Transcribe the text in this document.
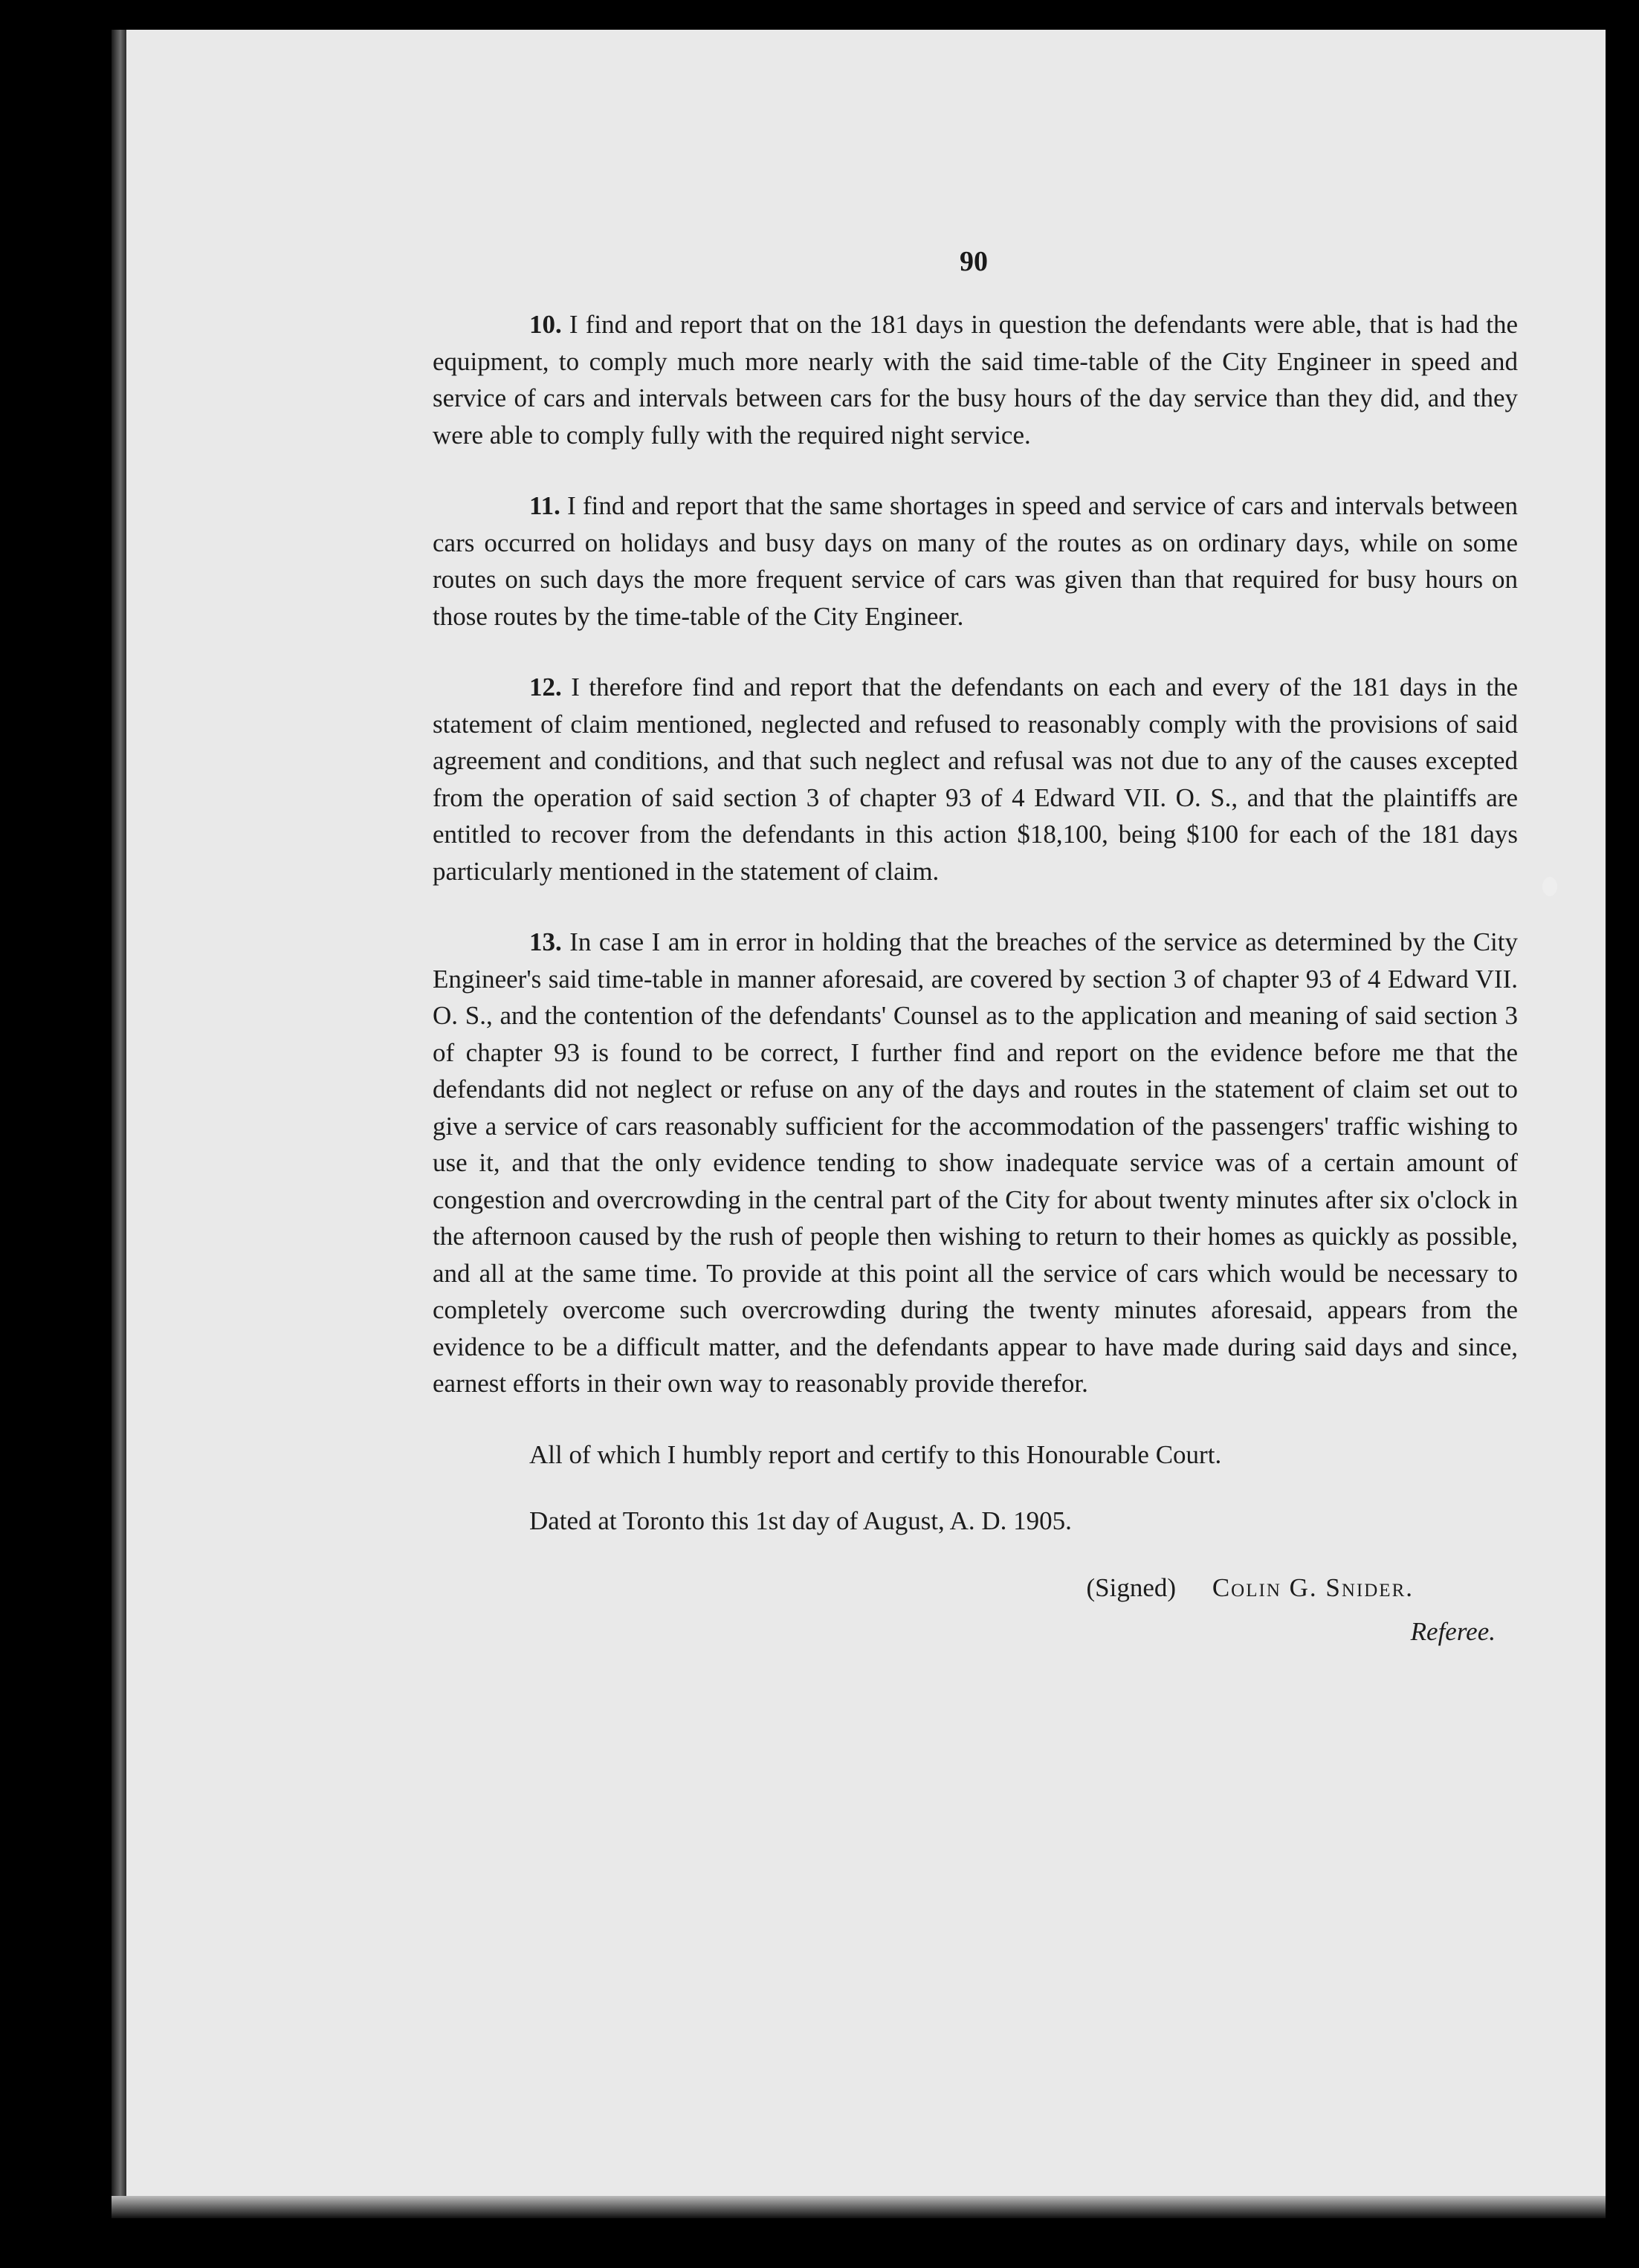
90

10. I find and report that on the 181 days in question the defendants were able, that is had the equipment, to comply much more nearly with the said time-table of the City Engineer in speed and service of cars and intervals between cars for the busy hours of the day service than they did, and they were able to comply fully with the required night service.

11. I find and report that the same shortages in speed and service of cars and intervals between cars occurred on holidays and busy days on many of the routes as on ordinary days, while on some routes on such days the more frequent service of cars was given than that required for busy hours on those routes by the time-table of the City Engineer.

12. I therefore find and report that the defendants on each and every of the 181 days in the statement of claim mentioned, neglected and refused to reasonably comply with the provisions of said agreement and conditions, and that such neglect and refusal was not due to any of the causes excepted from the operation of said section 3 of chapter 93 of 4 Edward VII. O. S., and that the plaintiffs are entitled to recover from the defendants in this action $18,100, being $100 for each of the 181 days particularly mentioned in the statement of claim.

13. In case I am in error in holding that the breaches of the service as determined by the City Engineer's said time-table in manner aforesaid, are covered by section 3 of chapter 93 of 4 Edward VII. O. S., and the contention of the defendants' Counsel as to the application and meaning of said section 3 of chapter 93 is found to be correct, I further find and report on the evidence before me that the defendants did not neglect or refuse on any of the days and routes in the statement of claim set out to give a service of cars reasonably sufficient for the accommodation of the passengers' traffic wishing to use it, and that the only evidence tending to show inadequate service was of a certain amount of congestion and overcrowding in the central part of the City for about twenty minutes after six o'clock in the afternoon caused by the rush of people then wishing to return to their homes as quickly as possible, and all at the same time. To provide at this point all the service of cars which would be necessary to completely overcome such overcrowding during the twenty minutes aforesaid, appears from the evidence to be a difficult matter, and the defendants appear to have made during said days and since, earnest efforts in their own way to reasonably provide therefor.

All of which I humbly report and certify to this Honourable Court.

Dated at Toronto this 1st day of August, A. D. 1905.

(Signed) Colin G. Snider.
Referee.
